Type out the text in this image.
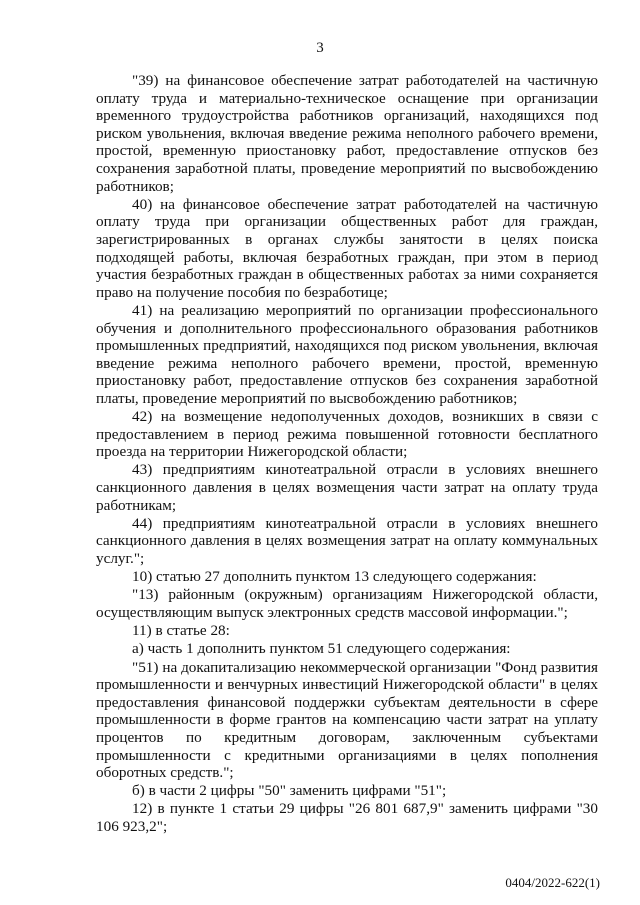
3

"39) на финансовое обеспечение затрат работодателей на частичную оплату труда и материально-техническое оснащение при организации временного трудоустройства работников организаций, находящихся под риском увольнения, включая введение режима неполного рабочего времени, простой, временную приостановку работ, предоставление отпусков без сохранения заработной платы, проведение мероприятий по высвобождению работников;

40) на финансовое обеспечение затрат работодателей на частичную оплату труда при организации общественных работ для граждан, зарегистрированных в органах службы занятости в целях поиска подходящей работы, включая безработных граждан, при этом в период участия безработных граждан в общественных работах за ними сохраняется право на получение пособия по безработице;

41) на реализацию мероприятий по организации профессионального обучения и дополнительного профессионального образования работников промышленных предприятий, находящихся под риском увольнения, включая введение режима неполного рабочего времени, простой, временную приостановку работ, предоставление отпусков без сохранения заработной платы, проведение мероприятий по высвобождению работников;

42) на возмещение недополученных доходов, возникших в связи с предоставлением в период режима повышенной готовности бесплатного проезда на территории Нижегородской области;

43) предприятиям кинотеатральной отрасли в условиях внешнего санкционного давления в целях возмещения части затрат на оплату труда работникам;

44) предприятиям кинотеатральной отрасли в условиях внешнего санкционного давления в целях возмещения затрат на оплату коммунальных услуг.";

10) статью 27 дополнить пунктом 13 следующего содержания:

"13) районным (окружным) организациям Нижегородской области, осуществляющим выпуск электронных средств массовой информации.";

11) в статье 28:

а) часть 1 дополнить пунктом 51 следующего содержания:

"51) на докапитализацию некоммерческой организации "Фонд развития промышленности и венчурных инвестиций Нижегородской области" в целях предоставления финансовой поддержки субъектам деятельности в сфере промышленности в форме грантов на компенсацию части затрат на уплату процентов по кредитным договорам, заключенным субъектами промышленности с кредитными организациями в целях пополнения оборотных средств.";

б) в части 2 цифры "50" заменить цифрами "51";

12) в пункте 1 статьи 29 цифры "26 801 687,9" заменить цифрами "30 106 923,2";

0404/2022-622(1)
